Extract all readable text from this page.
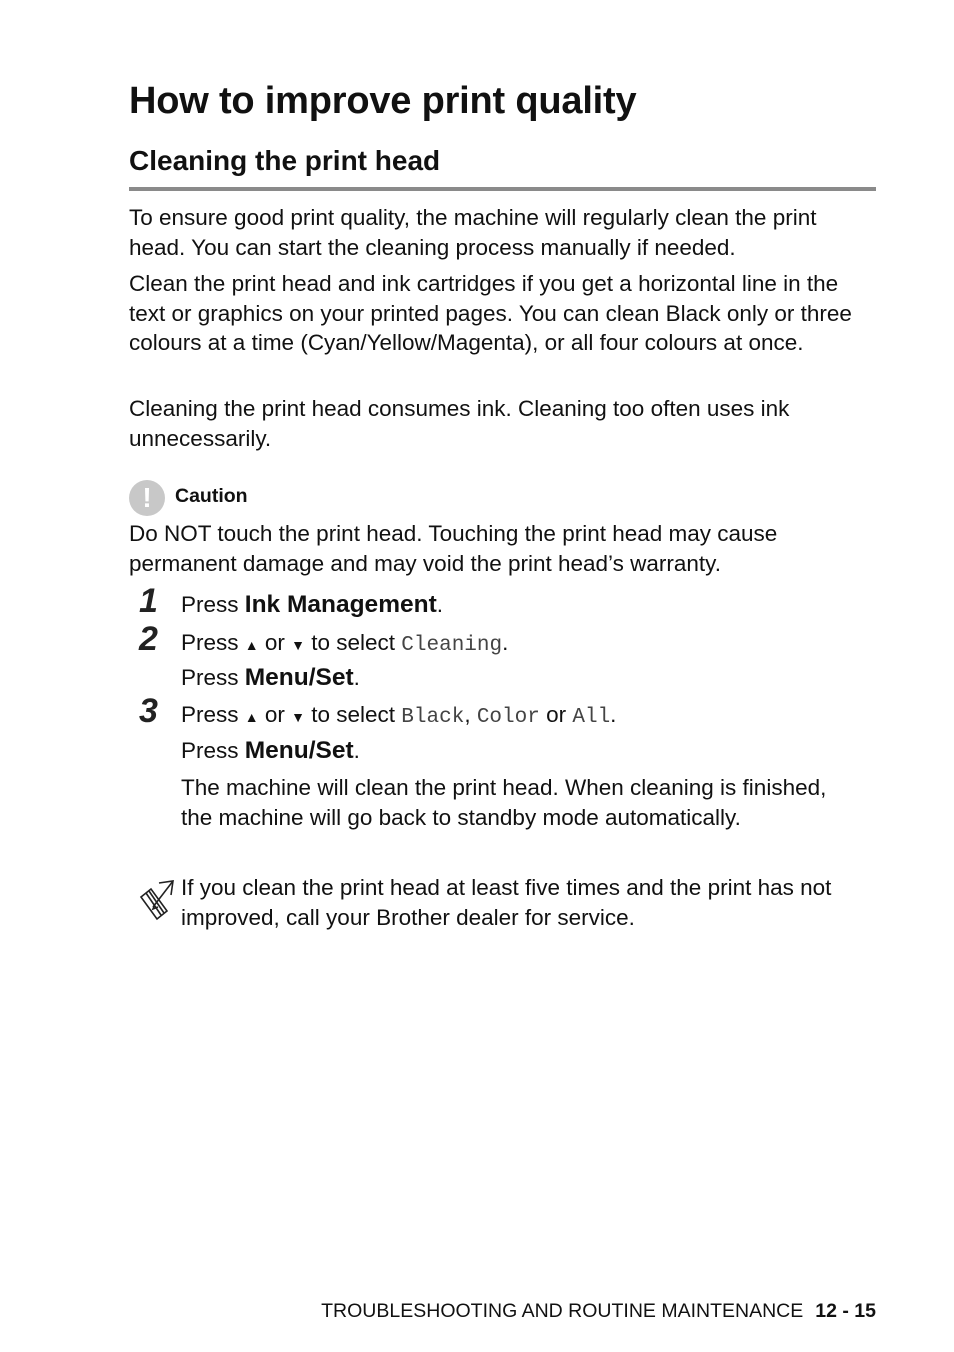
How to improve print quality
Cleaning the print head

To ensure good print quality, the machine will regularly clean the print head. You can start the cleaning process manually if needed.

Clean the print head and ink cartridges if you get a horizontal line in the text or graphics on your printed pages. You can clean Black only or three colours at a time (Cyan/Yellow/Magenta), or all four colours at once.

Cleaning the print head consumes ink. Cleaning too often uses ink unnecessarily.

!	Caution

Do NOT touch the print head. Touching the print head may cause permanent damage and may void the print head’s warranty.

1 Press Ink Management.
2 Press ▲ or ▼ to select Cleaning.
Press Menu/Set.
3 Press ▲ or ▼ to select Black, Color or All.
Press Menu/Set.

The machine will clean the print head. When cleaning is finished, the machine will go back to standby mode automatically.

If you clean the print head at least five times and the print has not improved, call your Brother dealer for service.

TROUBLESHOOTING AND ROUTINE MAINTENANCE 12 - 15
